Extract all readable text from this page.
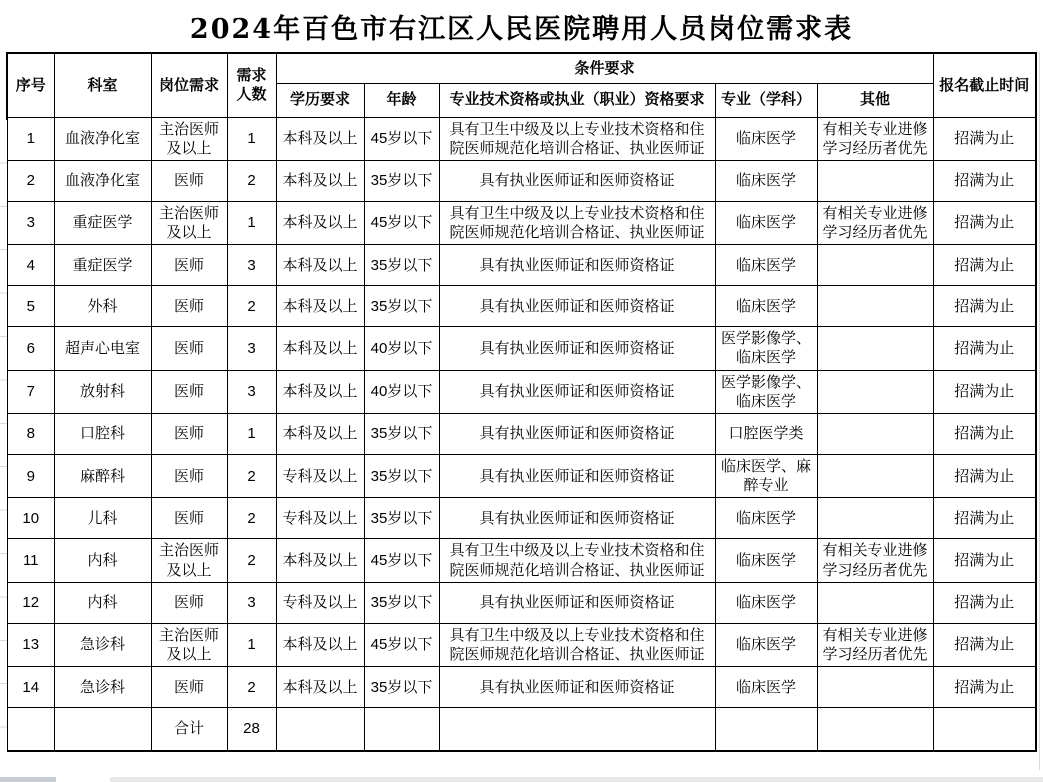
2024年百色市右江区人民医院聘用人员岗位需求表
序号	科室	岗位需求	需求人数	条件要求					报名截止时间
				学历要求	年龄	专业技术资格或执业（职业）资格要求	专业（学科）	其他	
1	血液净化室	主治医师及以上	1	本科及以上	45岁以下	具有卫生中级及以上专业技术资格和住院医师规范化培训合格证、执业医师证	临床医学	有相关专业进修学习经历者优先	招满为止
2	血液净化室	医师	2	本科及以上	35岁以下	具有执业医师证和医师资格证	临床医学		招满为止
3	重症医学	主治医师及以上	1	本科及以上	45岁以下	具有卫生中级及以上专业技术资格和住院医师规范化培训合格证、执业医师证	临床医学	有相关专业进修学习经历者优先	招满为止
4	重症医学	医师	3	本科及以上	35岁以下	具有执业医师证和医师资格证	临床医学		招满为止
5	外科	医师	2	本科及以上	35岁以下	具有执业医师证和医师资格证	临床医学		招满为止
6	超声心电室	医师	3	本科及以上	40岁以下	具有执业医师证和医师资格证	医学影像学、临床医学		招满为止
7	放射科	医师	3	本科及以上	40岁以下	具有执业医师证和医师资格证	医学影像学、临床医学		招满为止
8	口腔科	医师	1	本科及以上	35岁以下	具有执业医师证和医师资格证	口腔医学类		招满为止
9	麻醉科	医师	2	专科及以上	35岁以下	具有执业医师证和医师资格证	临床医学、麻醉专业		招满为止
10	儿科	医师	2	专科及以上	35岁以下	具有执业医师证和医师资格证	临床医学		招满为止
11	内科	主治医师及以上	2	本科及以上	45岁以下	具有卫生中级及以上专业技术资格和住院医师规范化培训合格证、执业医师证	临床医学	有相关专业进修学习经历者优先	招满为止
12	内科	医师	3	专科及以上	35岁以下	具有执业医师证和医师资格证	临床医学		招满为止
13	急诊科	主治医师及以上	1	本科及以上	45岁以下	具有卫生中级及以上专业技术资格和住院医师规范化培训合格证、执业医师证	临床医学	有相关专业进修学习经历者优先	招满为止
14	急诊科	医师	2	本科及以上	35岁以下	具有执业医师证和医师资格证	临床医学		招满为止
		合计	28						
